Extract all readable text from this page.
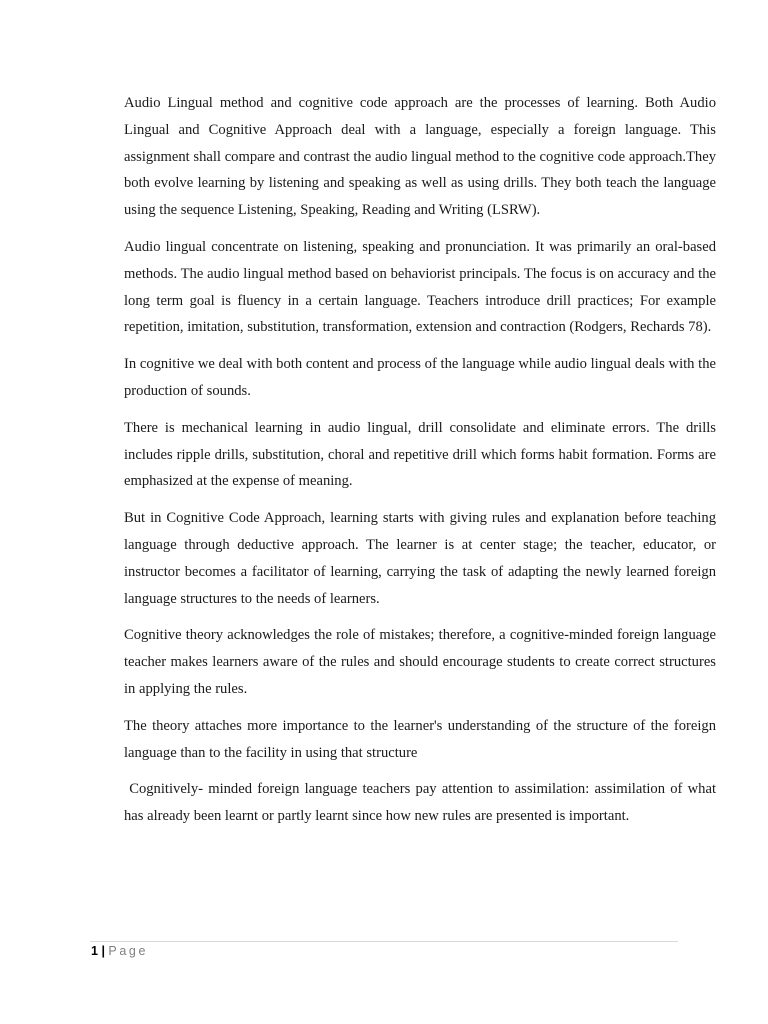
Audio Lingual method and cognitive code approach are the processes of learning. Both Audio Lingual and Cognitive Approach deal with a language, especially a foreign language. This assignment shall compare and contrast the audio lingual method to the cognitive code approach.They both evolve learning by listening and speaking as well as using drills. They both teach the language using the sequence Listening, Speaking, Reading and Writing (LSRW).

Audio lingual concentrate on listening, speaking and pronunciation. It was primarily an oral-based methods. The audio lingual method based on behaviorist principals. The focus is on accuracy and the long term goal is fluency in a certain language. Teachers introduce drill practices; For example repetition, imitation, substitution, transformation, extension and contraction (Rodgers, Rechards 78).

In cognitive we deal with both content and process of the language while audio lingual deals with the production of sounds.

There is mechanical learning in audio lingual, drill consolidate and eliminate errors. The drills includes ripple drills, substitution, choral and repetitive drill which forms habit formation. Forms are emphasized at the expense of meaning.

But in Cognitive Code Approach, learning starts with giving rules and explanation before teaching language through deductive approach. The learner is at center stage; the teacher, educator, or instructor becomes a facilitator of learning, carrying the task of adapting the newly learned foreign language structures to the needs of learners.

Cognitive theory acknowledges the role of mistakes; therefore, a cognitive-minded foreign language teacher makes learners aware of the rules and should encourage students to create correct structures in applying the rules.

The theory attaches more importance to the learner's understanding of the structure of the foreign language than to the facility in using that structure

Cognitively- minded foreign language teachers pay attention to assimilation: assimilation of what has already been learnt or partly learnt since how new rules are presented is important.

1 | Page
